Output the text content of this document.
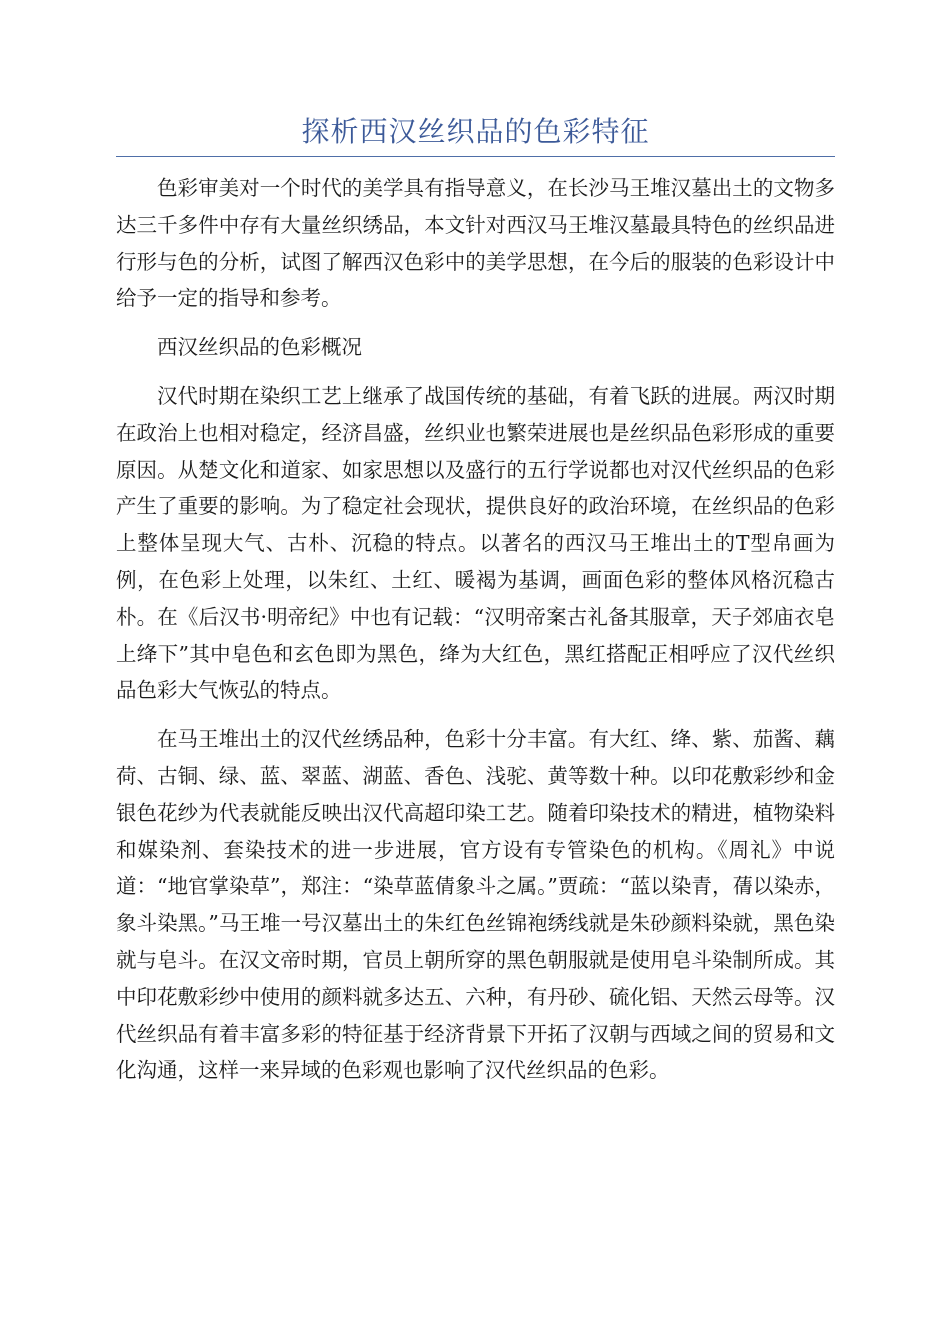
探析西汉丝织品的色彩特征

色彩审美对一个时代的美学具有指导意义，在长沙马王堆汉墓出土的文物多达三千多件中存有大量丝织绣品，本文针对西汉马王堆汉墓最具特色的丝织品进行形与色的分析，试图了解西汉色彩中的美学思想，在今后的服装的色彩设计中给予一定的指导和参考。

西汉丝织品的色彩概况

汉代时期在染织工艺上继承了战国传统的基础，有着飞跃的进展。两汉时期在政治上也相对稳定，经济昌盛，丝织业也繁荣进展也是丝织品色彩形成的重要原因。从楚文化和道家、如家思想以及盛行的五行学说都也对汉代丝织品的色彩产生了重要的影响。为了稳定社会现状，提供良好的政治环境，在丝织品的色彩上整体呈现大气、古朴、沉稳的特点。以著名的西汉马王堆出土的T型帛画为例，在色彩上处理，以朱红、土红、暖褐为基调，画面色彩的整体风格沉稳古朴。在《后汉书·明帝纪》中也有记载：“汉明帝案古礼备其服章，天子郊庙衣皂上绛下”其中皂色和玄色即为黑色，绛为大红色，黑红搭配正相呼应了汉代丝织品色彩大气恢弘的特点。

在马王堆出土的汉代丝绣品种，色彩十分丰富。有大红、绛、紫、茄酱、藕荷、古铜、绿、蓝、翠蓝、湖蓝、香色、浅驼、黄等数十种。以印花敷彩纱和金银色花纱为代表就能反映出汉代高超印染工艺。随着印染技术的精进，植物染料和媒染剂、套染技术的进一步进展，官方设有专管染色的机构。《周礼》中说道：“地官掌染草”，郑注：“染草蓝倩象斗之属。”贾疏：“蓝以染青，蒨以染赤，象斗染黑。”马王堆一号汉墓出土的朱红色丝锦袍绣线就是朱砂颜料染就，黑色染就与皂斗。在汉文帝时期，官员上朝所穿的黑色朝服就是使用皂斗染制所成。其中印花敷彩纱中使用的颜料就多达五、六种，有丹砂、硫化铝、天然云母等。汉代丝织品有着丰富多彩的特征基于经济背景下开拓了汉朝与西域之间的贸易和文化沟通，这样一来异域的色彩观也影响了汉代丝织品的色彩。
